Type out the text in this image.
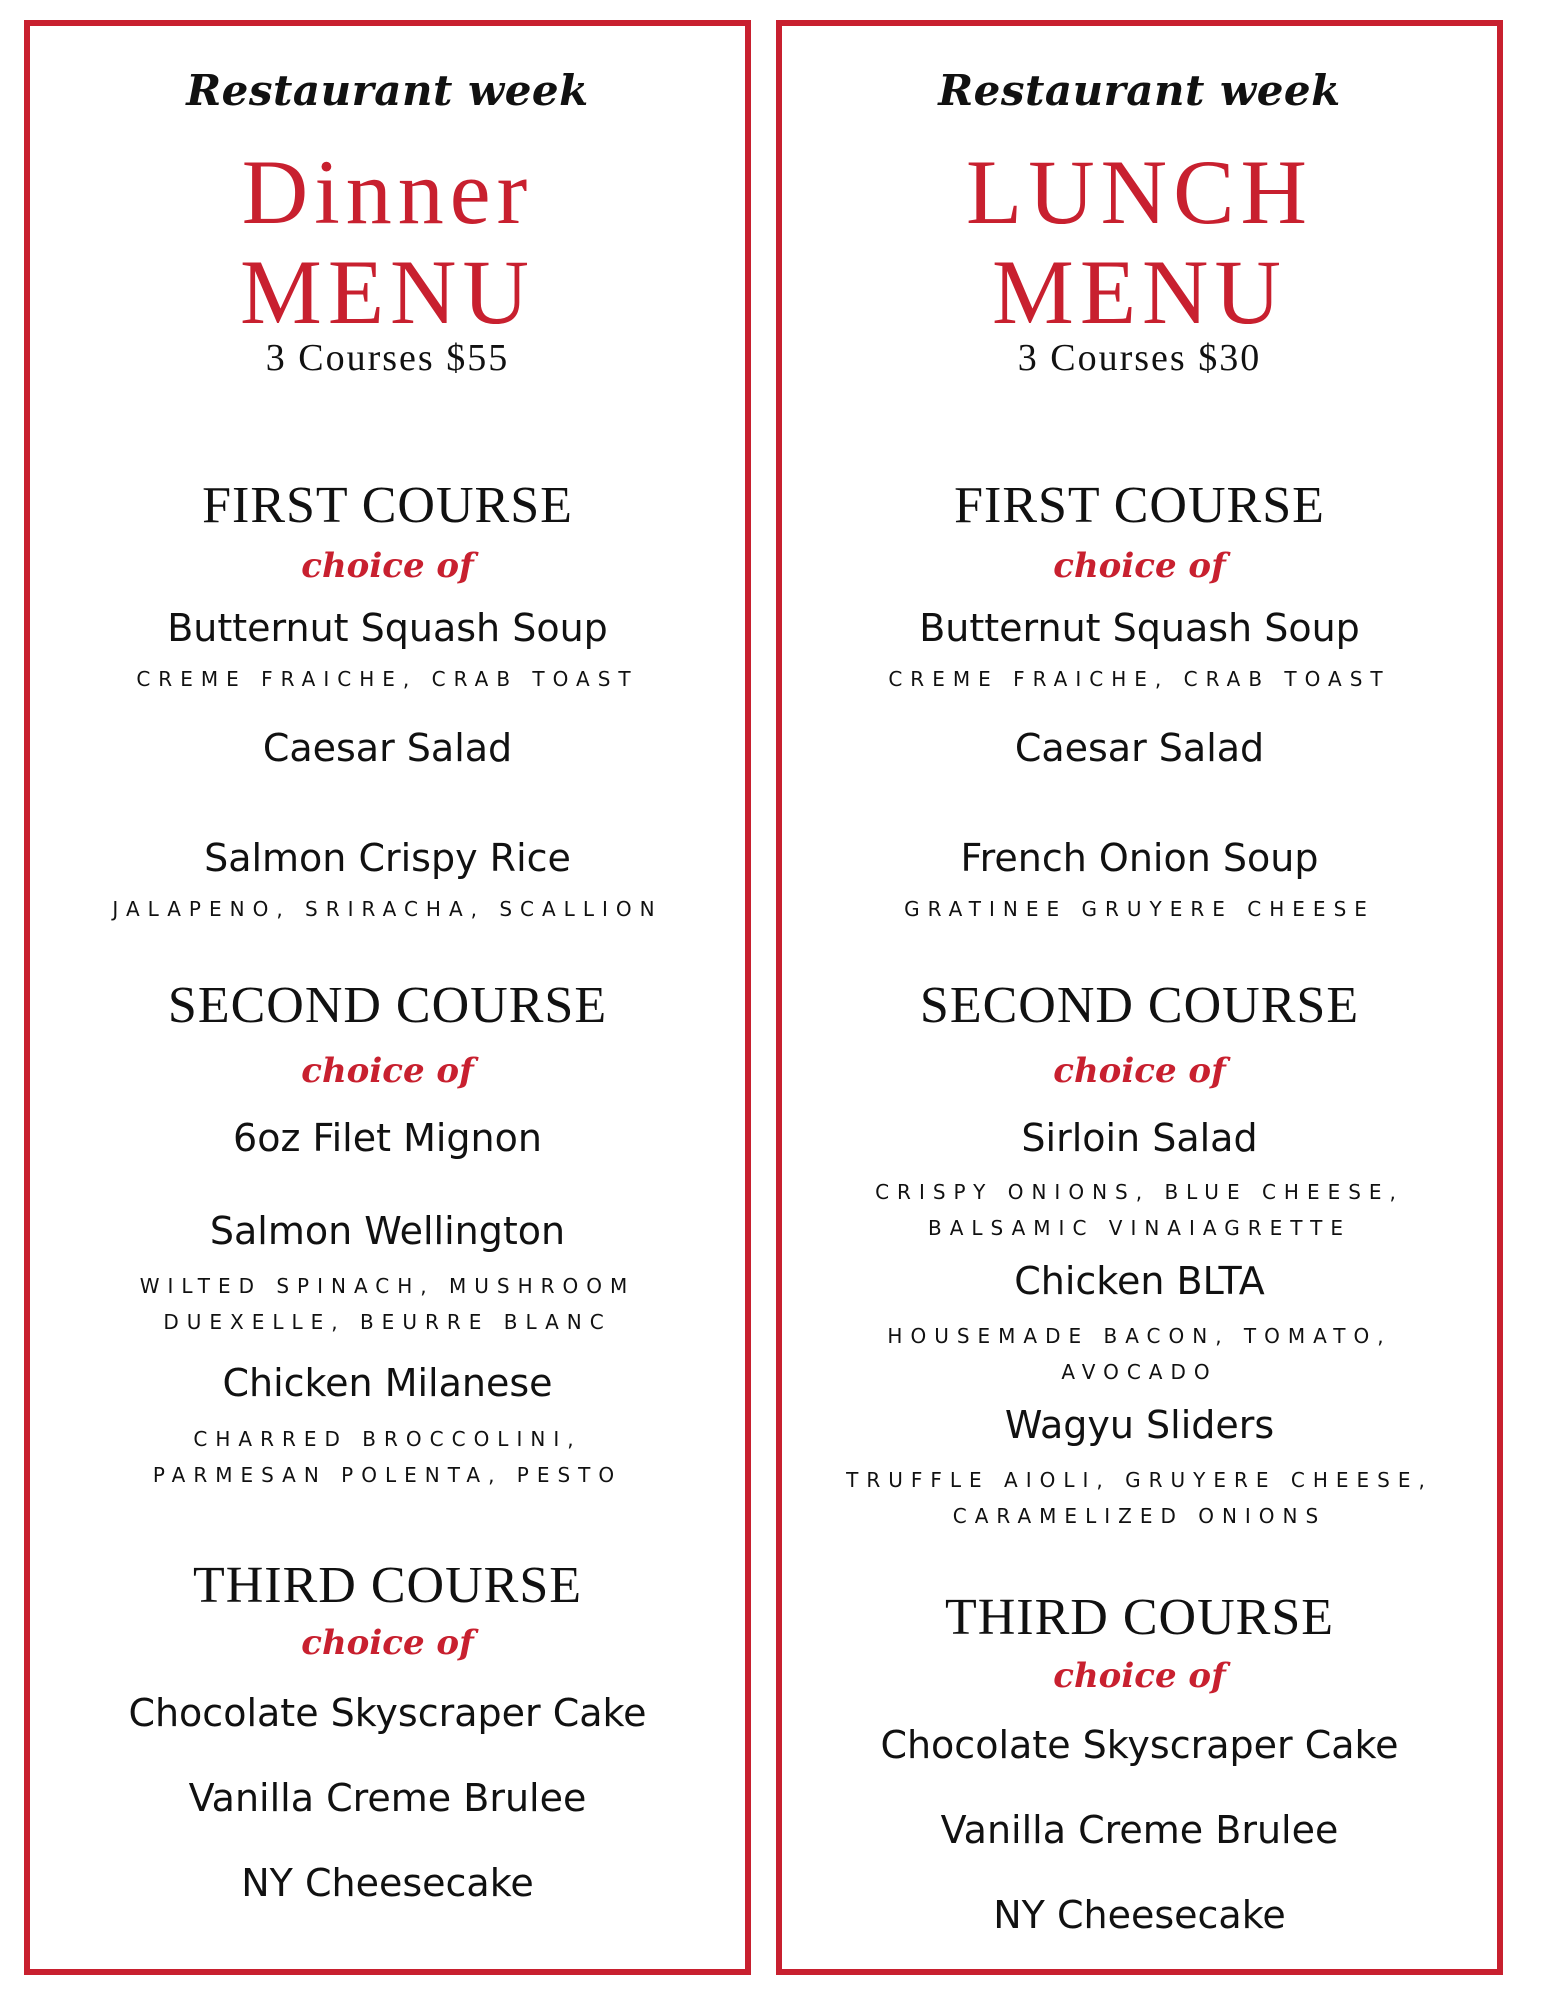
Restaurant week
Dinner
MENU
3 Courses $55
FIRST COURSE
choice of
Butternut Squash Soup
CREME FRAICHE, CRAB TOAST
Caesar Salad
Salmon Crispy Rice
JALAPENO, SRIRACHA, SCALLION
SECOND COURSE
choice of
6oz Filet Mignon
Salmon Wellington
WILTED SPINACH, MUSHROOM
DUEXELLE, BEURRE BLANC
Chicken Milanese
CHARRED BROCCOLINI,
PARMESAN POLENTA, PESTO
THIRD COURSE
choice of
Chocolate Skyscraper Cake
Vanilla Creme Brulee
NY Cheesecake
Restaurant week
LUNCH
MENU
3 Courses $30
FIRST COURSE
choice of
Butternut Squash Soup
CREME FRAICHE, CRAB TOAST
Caesar Salad
French Onion Soup
GRATINEE GRUYERE CHEESE
SECOND COURSE
choice of
Sirloin Salad
CRISPY ONIONS, BLUE CHEESE,
BALSAMIC VINAIAGRETTE
Chicken BLTA
HOUSEMADE BACON, TOMATO,
AVOCADO
Wagyu Sliders
TRUFFLE AIOLI, GRUYERE CHEESE,
CARAMELIZED ONIONS
THIRD COURSE
choice of
Chocolate Skyscraper Cake
Vanilla Creme Brulee
NY Cheesecake
